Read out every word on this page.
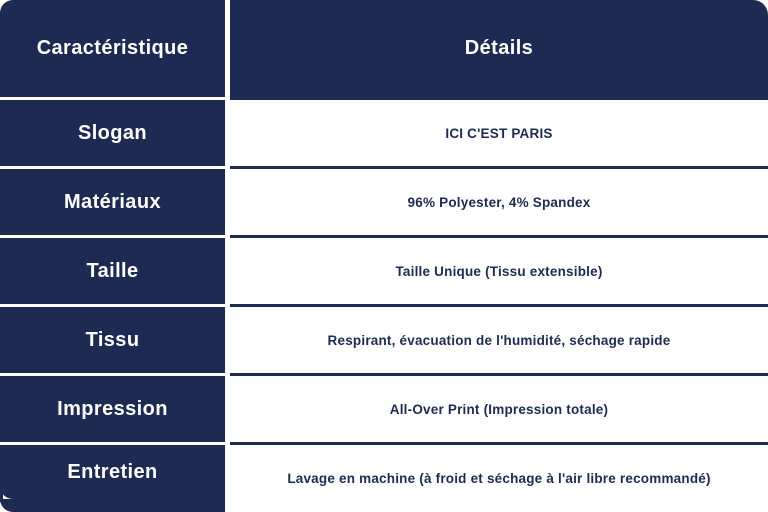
Caractéristique	Détails
Slogan	ICI C'EST PARIS
Matériaux	96% Polyester, 4% Spandex
Taille	Taille Unique (Tissu extensible)
Tissu	Respirant, évacuation de l'humidité, séchage rapide
Impression	All-Over Print (Impression totale)
Entretien	Lavage en machine (à froid et séchage à l'air libre recommandé)
